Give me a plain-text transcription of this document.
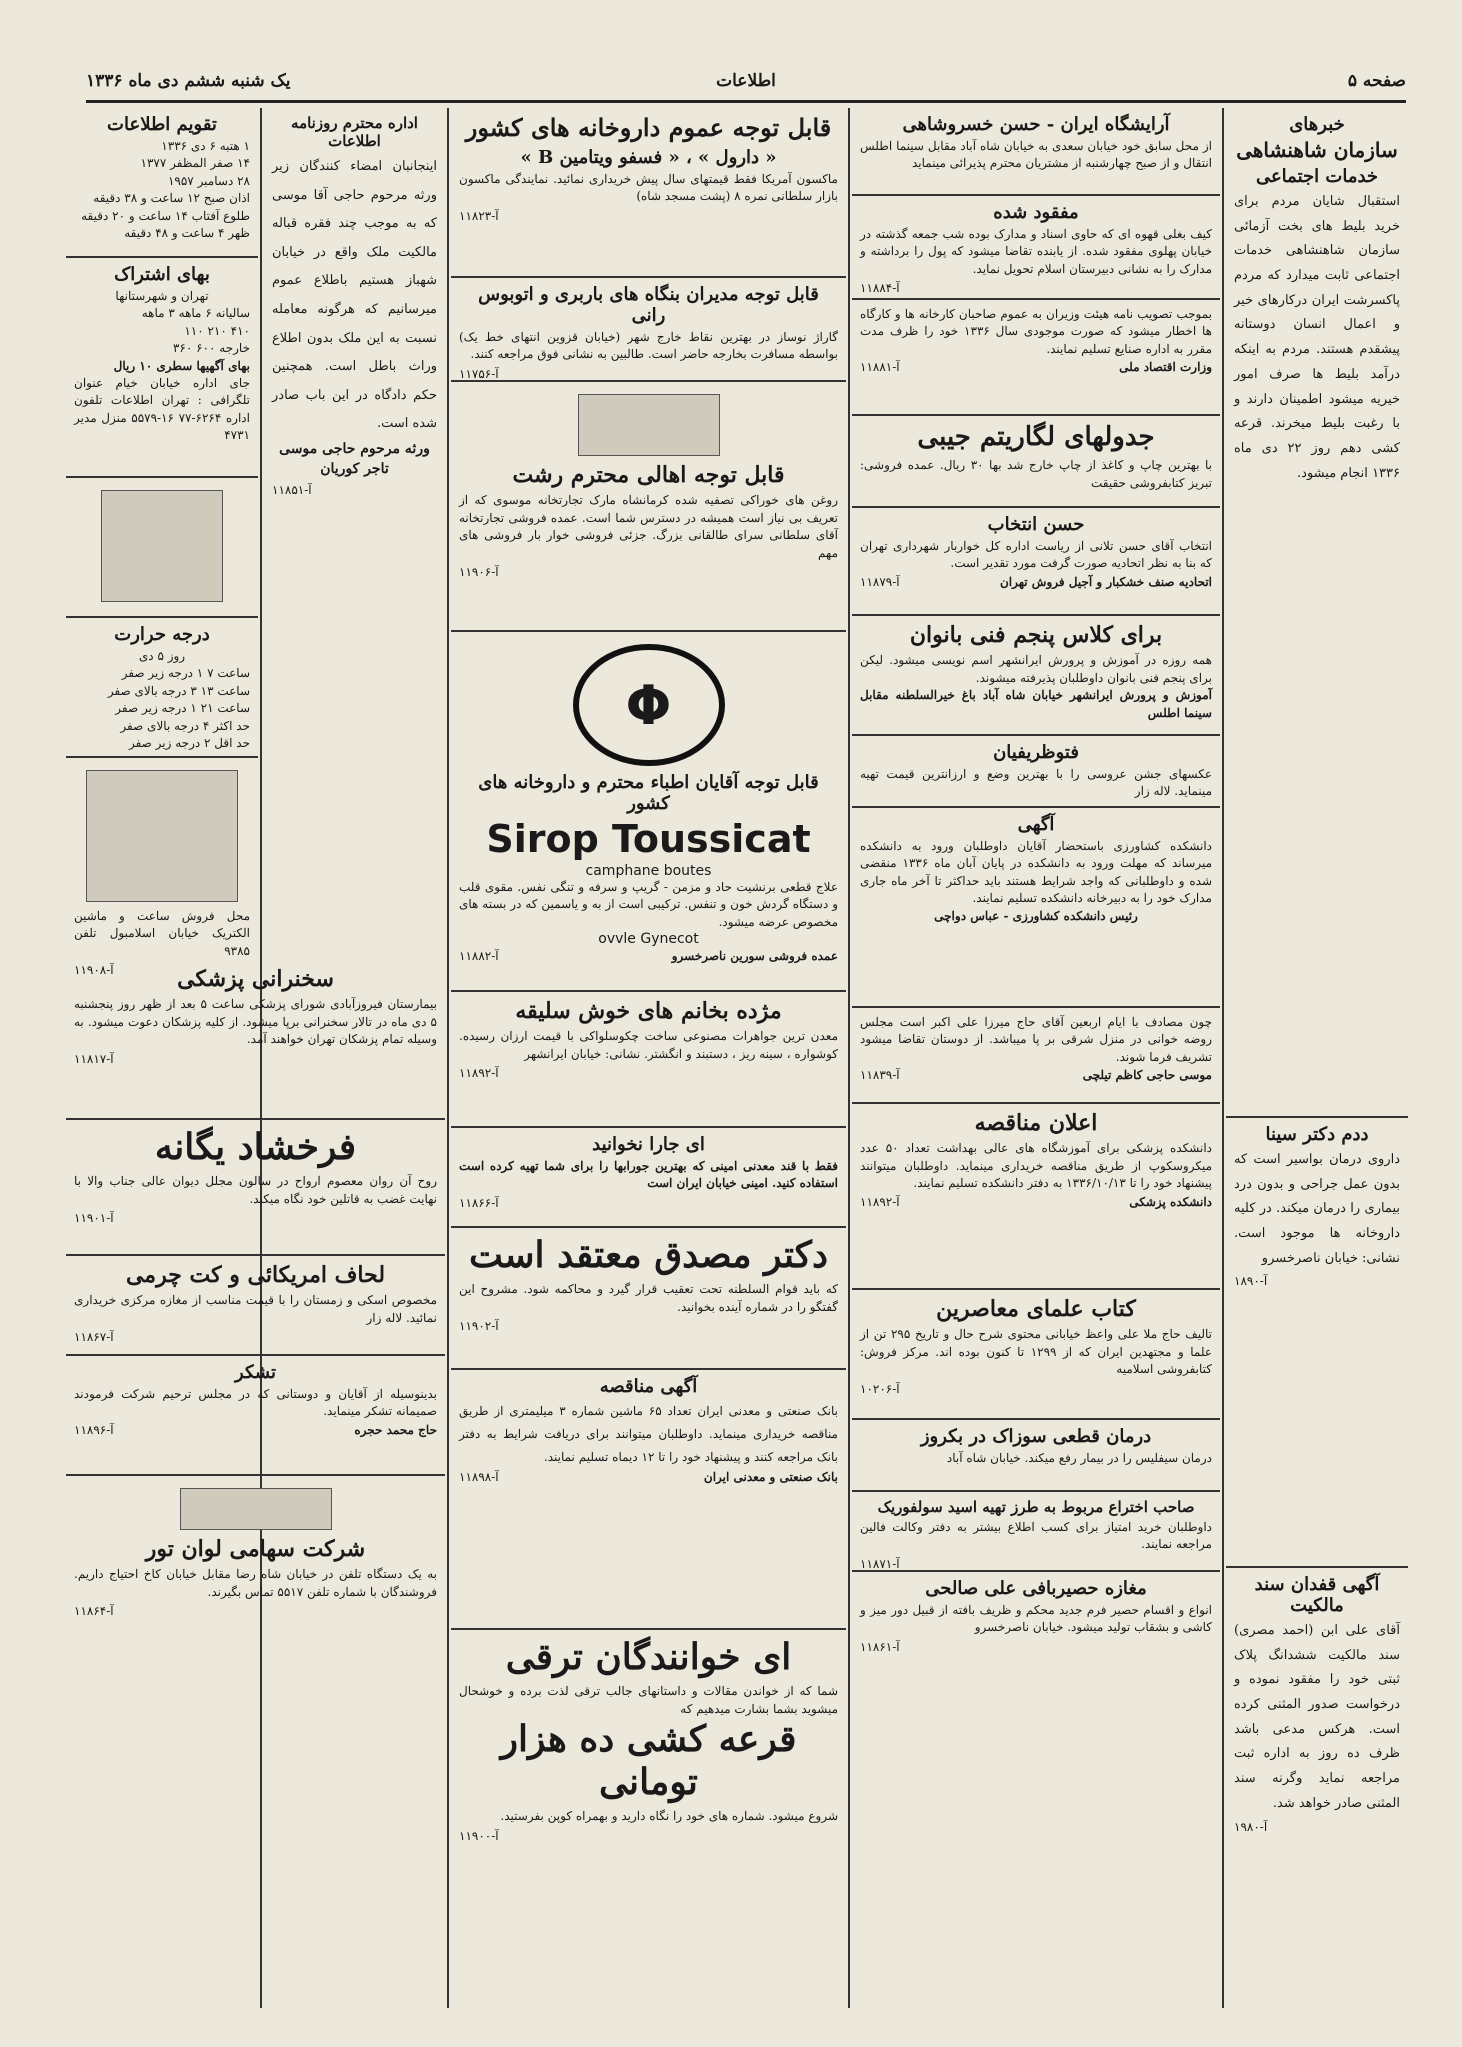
صفحه ۵
اطلاعات
یک شنبه ششم دی ماه ۱۳۳۶
خبرهای
سازمان شاهنشاهی
خدمات اجتماعی

استقبال شایان مردم برای خرید بلیط های بخت آزمائی سازمان شاهنشاهی خدمات اجتماعی ثابت میدارد که مردم پاکسرشت ایران درکارهای خیر و اعمال انسان دوستانه پیشقدم هستند. مردم به اینکه درآمد بلیط ها صرف امور خیریه میشود اطمینان دارند و با رغبت بلیط میخرند. قرعه کشی دهم روز ۲۲ دی ماه ۱۳۳۶ انجام میشود.

ددم دکتر سینا

داروی درمان بواسیر است که بدون عمل جراحی و بدون درد بیماری را درمان میکند. در کلیه داروخانه ها موجود است. نشانی: خیابان ناصرخسرو

آ-۱۸۹۰
آگهی قفدان سند مالکیت

آقای علی ابن (احمد مصری) سند مالکیت ششدانگ پلاک ثبتی خود را مفقود نموده و درخواست صدور المثنی کرده است. هرکس مدعی باشد ظرف ده روز به اداره ثبت مراجعه نماید وگرنه سند المثنی صادر خواهد شد.

آ-۱۹۸۰
آرایشگاه ایران - حسن خسروشاهی

از محل سابق خود خیابان سعدی به خیابان شاه آباد مقابل سینما اطلس انتقال و از صبح چهارشنبه از مشتریان محترم پذیرائی مینماید

مفقود شده

کیف بغلی قهوه ای که حاوی اسناد و مدارک بوده شب جمعه گذشته در خیابان پهلوی مفقود شده. از یابنده تقاضا میشود که پول را برداشته و مدارک را به نشانی دبیرستان اسلام تحویل نماید.

آ-۱۱۸۸۴

بموجب تصویب نامه هیئت وزیران به عموم صاحبان کارخانه ها و کارگاه ها اخطار میشود که صورت موجودی سال ۱۳۳۶ خود را ظرف مدت مقرر به اداره صنایع تسلیم نمایند.

وزارت اقتصاد ملی
آ-۱۱۸۸۱
جدولهای لگاریتم جیبی

با بهترین چاپ و کاغذ از چاپ خارج شد بها ۳۰ ریال. عمده فروشی: تبریز کتابفروشی حقیقت

حسن انتخاب

انتخاب آقای حسن تلانی از ریاست اداره کل خواربار شهرداری تهران که بنا به نظر اتحادیه صورت گرفت مورد تقدیر است.

اتحادیه صنف خشکبار و آجیل فروش تهران
آ-۱۱۸۷۹
برای کلاس پنجم فنی بانوان

همه روزه در آموزش و پرورش ایرانشهر اسم نویسی میشود. لیکن برای پنجم فنی بانوان داوطلبان پذیرفته میشوند.

آموزش و پرورش ایرانشهر خیابان شاه آباد باغ خیرالسلطنه مقابل سینما اطلس

فتوظریفیان

عکسهای جشن عروسی را با بهترین وضع و ارزانترین قیمت تهیه مینماید. لاله زار

آگهی

دانشکده کشاورزی باستحضار آقایان داوطلبان ورود به دانشکده میرساند که مهلت ورود به دانشکده در پایان آبان ماه ۱۳۳۶ منقضی شده و داوطلبانی که واجد شرایط هستند باید حداکثر تا آخر ماه جاری مدارک خود را به دبیرخانه دانشکده تسلیم نمایند.

رئیس دانشکده کشاورزی - عباس دواچی

چون مصادف با ایام اربعین آقای حاج میرزا علی اکبر است مجلس روضه خوانی در منزل شرقی بر پا میباشد. از دوستان تقاضا میشود تشریف فرما شوند.

موسی حاجی کاظم تیلچی
آ-۱۱۸۳۹
اعلان مناقصه

دانشکده پزشکی برای آموزشگاه های عالی بهداشت تعداد ۵۰ عدد میکروسکوپ از طریق مناقصه خریداری مینماید. داوطلبان میتوانند پیشنهاد خود را تا ۱۳۳۶/۱۰/۱۳ به دفتر دانشکده تسلیم نمایند.

دانشکده پزشکی
آ-۱۱۸۹۲
کتاب علمای معاصرین

تالیف حاج ملا علی واعظ خیابانی محتوی شرح حال و تاریخ ۲۹۵ تن از علما و مجتهدین ایران که از ۱۲۹۹ تا کنون بوده اند. مرکز فروش: کتابفروشی اسلامیه

آ-۱۰۲۰۶
درمان قطعی سوزاک در بکروز

درمان سیفلیس را در بیمار رفع میکند. خیابان شاه آباد

صاحب اختراع مربوط به طرز تهیه اسید سولفوریک

داوطلبان خرید امتیاز برای کسب اطلاع بیشتر به دفتر وکالت فالین مراجعه نمایند.

آ-۱۱۸۷۱
مغازه حصیربافی علی صالحی

انواع و اقسام حصیر فرم جدید محکم و ظریف بافته از قبیل دور میز و کاشی و بشقاب تولید میشود. خیابان ناصرخسرو

آ-۱۱۸۶۱
قابل توجه عموم داروخانه های کشور
« دارول » ، « فسفو ویتامین B »

ماکسون آمریکا فقط قیمتهای سال پیش خریداری نمائید. نمایندگی ماکسون بازار سلطانی نمره ۸ (پشت مسجد شاه)

آ-۱۱۸۲۳
قابل توجه مدیران بنگاه های باربری و اتوبوس رانی

گاراژ نوساز در بهترین نقاط خارج شهر (خیابان قزوین انتهای خط یک) بواسطه مسافرت بخارجه حاضر است. طالبین به نشانی فوق مراجعه کنند.

آ-۱۱۷۵۶
قابل توجه اهالی محترم رشت

روغن های خوراکی تصفیه شده کرمانشاه مارک تجارتخانه موسوی که از تعریف بی نیاز است همیشه در دسترس شما است. عمده فروشی تجارتخانه آقای سلطانی سرای طالقانی بزرگ. جزئی فروشی خوار بار فروشی های مهم

آ-۱۱۹۰۶
Φ
قابل توجه آقایان اطباء محترم و داروخانه های کشور
Sirop Toussicat
camphane boutes

علاج قطعی برنشیت حاد و مزمن - گریپ و سرفه و تنگی نفس. مقوی قلب و دستگاه گردش خون و تنفس. ترکیبی است از به و یاسمین که در بسته های مخصوص عرضه میشود.

ovvle Gynecot
عمده فروشی سورین ناصرخسرو
آ-۱۱۸۸۲
مژده بخانم های خوش سلیقه

معدن ترین جواهرات مصنوعی ساخت چکوسلواکی با قیمت ارزان رسیده. کوشواره ، سینه ریز ، دستبند و انگشتر. نشانی: خیابان ایرانشهر

آ-۱۱۸۹۲
ای جارا نخوانید

فقط با قند معدنی امینی که بهترین جورابها را برای شما تهیه کرده است استفاده کنید. امینی خیابان ایران است

آ-۱۱۸۶۶
دکتر مصدق معتقد است

که باید قوام السلطنه تحت تعقیب قرار گیرد و محاکمه شود. مشروح این گفتگو را در شماره آینده بخوانید.

آ-۱۱۹۰۲
آگهی مناقصه

بانک صنعتی و معدنی ایران تعداد ۶۵ ماشین شماره ۳ میلیمتری از طریق مناقصه خریداری مینماید. داوطلبان میتوانند برای دریافت شرایط به دفتر بانک مراجعه کنند و پیشنهاد خود را تا ۱۲ دیماه تسلیم نمایند.

بانک صنعتی و معدنی ایران
آ-۱۱۸۹۸
ای خوانندگان ترقی

شما که از خواندن مقالات و داستانهای جالب ترقی لذت برده و خوشحال میشوید بشما بشارت میدهیم که

قرعه کشی ده هزار تومانی

شروع میشود. شماره های خود را نگاه دارید و بهمراه کوپن بفرستید.

آ-۱۱۹۰۰
اداره محترم روزنامه اطلاعات

اینجانبان امضاء کنندگان زیر ورثه مرحوم حاجی آقا موسی که به موجب چند فقره قباله مالکیت ملک واقع در خیابان شهباز هستیم باطلاع عموم میرسانیم که هرگونه معامله نسبت به این ملک بدون اطلاع وراث باطل است. همچنین حکم دادگاه در این باب صادر شده است.

ورثه مرحوم حاجی موسی تاجر کوریان

آ-۱۱۸۵۱
تقویم اطلاعات

۱ هتبه ۶ دی ۱۳۳۶

۱۴ صفر المظفر ۱۳۷۷

۲۸ دسامبر ۱۹۵۷

اذان صبح ۱۲ ساعت و ۳۸ دقیقه

طلوع آفتاب ۱۴ ساعت و ۲۰ دقیقه

ظهر ۴ ساعت و ۴۸ دقیقه

بهای اشتراک

تهران و شهرستانها

سالیانه ۶ ماهه ۳ ماهه

۴۱۰ ۲۱۰ ۱۱۰

خارجه ۶۰۰ ۳۶۰

بهای آگهیها سطری ۱۰ ریال

جای اداره خیابان خیام عنوان تلگرافی : تهران اطلاعات تلفون اداره ۶۲۶۴-۷۷ ۱۶-۵۵۷۹ منزل مدیر ۴۷۳۱

درجه حرارت

روز ۵ دی

ساعت ۷ ۱ درجه زیر صفر

ساعت ۱۳ ۳ درجه بالای صفر

ساعت ۲۱ ۱ درجه زیر صفر

حد اکثر ۴ درجه بالای صفر

حد اقل ۲ درجه زیر صفر

محل فروش ساعت و ماشین الکتریک خیابان اسلامبول تلفن ۹۳۸۵

آ-۱۱۹۰۸	سخنرانی پزشکی

بیمارستان فیروزآبادی شورای پزشکی ساعت ۵ بعد از ظهر روز پنجشنبه ۵ دی ماه در تالار سخنرانی برپا میشود. از کلیه پزشکان دعوت میشود. به وسیله تمام پزشکان تهران خواهند آمد.

آ-۱۱۸۱۷
فرخشاد یگانه

روح آن روان معصوم ارواح در سالون مجلل دیوان عالی جناب والا با نهایت غضب به قاتلین خود نگاه میکند.

آ-۱۱۹۰۱
لحاف امریکائی و کت چرمی

مخصوص اسکی و زمستان را با قیمت مناسب از مغازه مرکزی خریداری نمائید. لاله زار

آ-۱۱۸۶۷
تشکر

بدینوسیله از آقایان و دوستانی که در مجلس ترحیم شرکت فرمودند صمیمانه تشکر مینماید.

حاج محمد حجره
آ-۱۱۸۹۶
شرکت سهامی لوان تور

به یک دستگاه تلفن در خیابان شاه رضا مقابل خیابان کاخ احتیاج داریم. فروشندگان با شماره تلفن ۵۵۱۷ تماس بگیرند.

آ-۱۱۸۶۴
